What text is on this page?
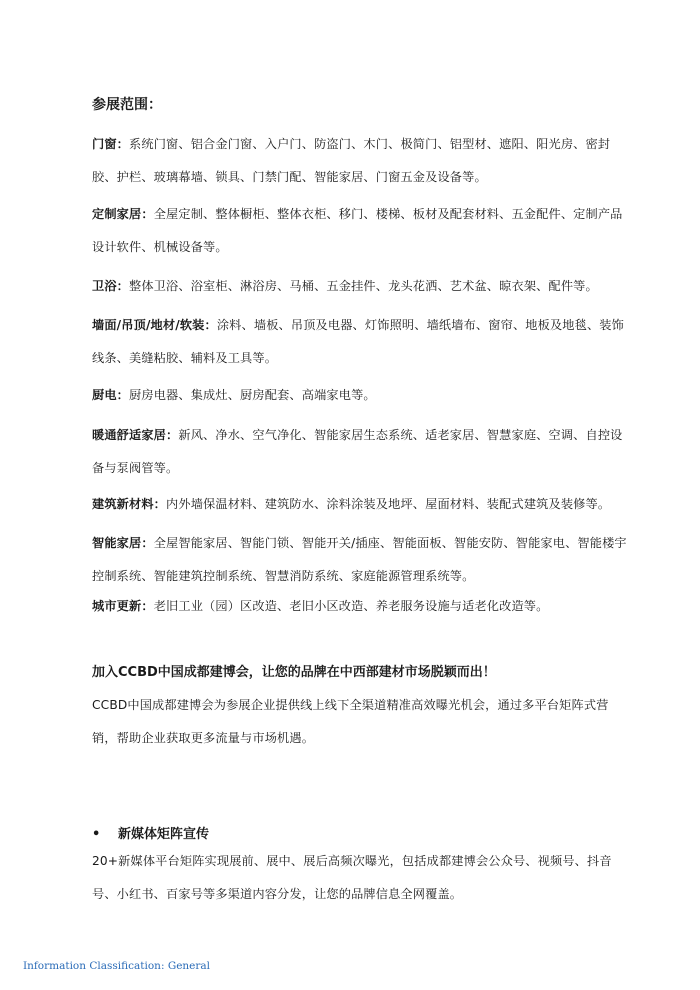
参展范围：
门窗：系统门窗、铝合金门窗、入户门、防盗门、木门、极简门、铝型材、遮阳、阳光房、密封胶、护栏、玻璃幕墙、锁具、门禁门配、智能家居、门窗五金及设备等。
定制家居：全屋定制、整体橱柜、整体衣柜、移门、楼梯、板材及配套材料、五金配件、定制产品设计软件、机械设备等。
卫浴：整体卫浴、浴室柜、淋浴房、马桶、五金挂件、龙头花洒、艺术盆、晾衣架、配件等。
墙面/吊顶/地材/软装：涂料、墙板、吊顶及电器、灯饰照明、墙纸墙布、窗帘、地板及地毯、装饰线条、美缝粘胶、辅料及工具等。
厨电：厨房电器、集成灶、厨房配套、高端家电等。
暖通舒适家居：新风、净水、空气净化、智能家居生态系统、适老家居、智慧家庭、空调、自控设备与泵阀管等。
建筑新材料：内外墙保温材料、建筑防水、涂料涂装及地坪、屋面材料、装配式建筑及装修等。
智能家居：全屋智能家居、智能门锁、智能开关/插座、智能面板、智能安防、智能家电、智能楼宇控制系统、智能建筑控制系统、智慧消防系统、家庭能源管理系统等。
城市更新：老旧工业（园）区改造、老旧小区改造、养老服务设施与适老化改造等。
加入CCBD中国成都建博会，让您的品牌在中西部建材市场脱颖而出！
CCBD中国成都建博会为参展企业提供线上线下全渠道精准高效曝光机会，通过多平台矩阵式营销，帮助企业获取更多流量与市场机遇。
• 新媒体矩阵宣传
20+新媒体平台矩阵实现展前、展中、展后高频次曝光，包括成都建博会公众号、视频号、抖音号、小红书、百家号等多渠道内容分发，让您的品牌信息全网覆盖。
Information Classification: General
